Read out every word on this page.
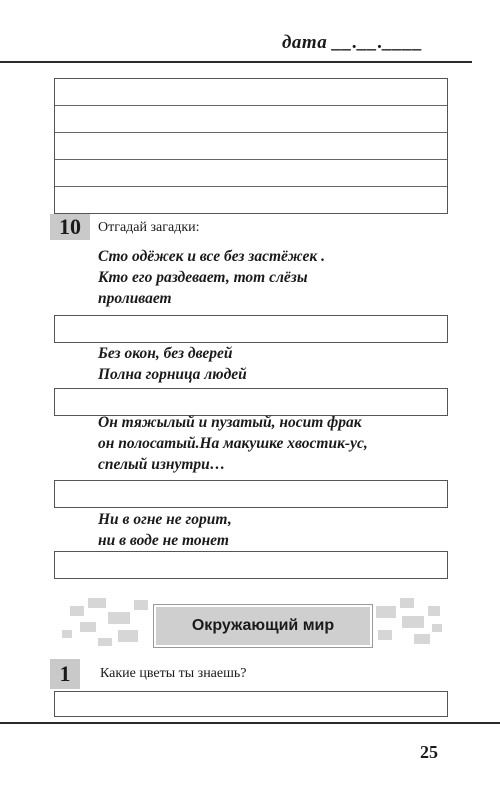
дата __.__.____
10	Отгадай загадки:
Сто одёжек и все без застёжек .
Кто его раздевает, тот слёзы
проливает
Без окон, без дверей
Полна горница людей
Он тяжылый и пузатый, носит фрак
он полосатый.На макушке хвостик-ус,
спелый изнутри…
Ни в огне не горит,
ни в воде не тонет
Окружающий мир
1	Какие цветы ты знаешь?
25
